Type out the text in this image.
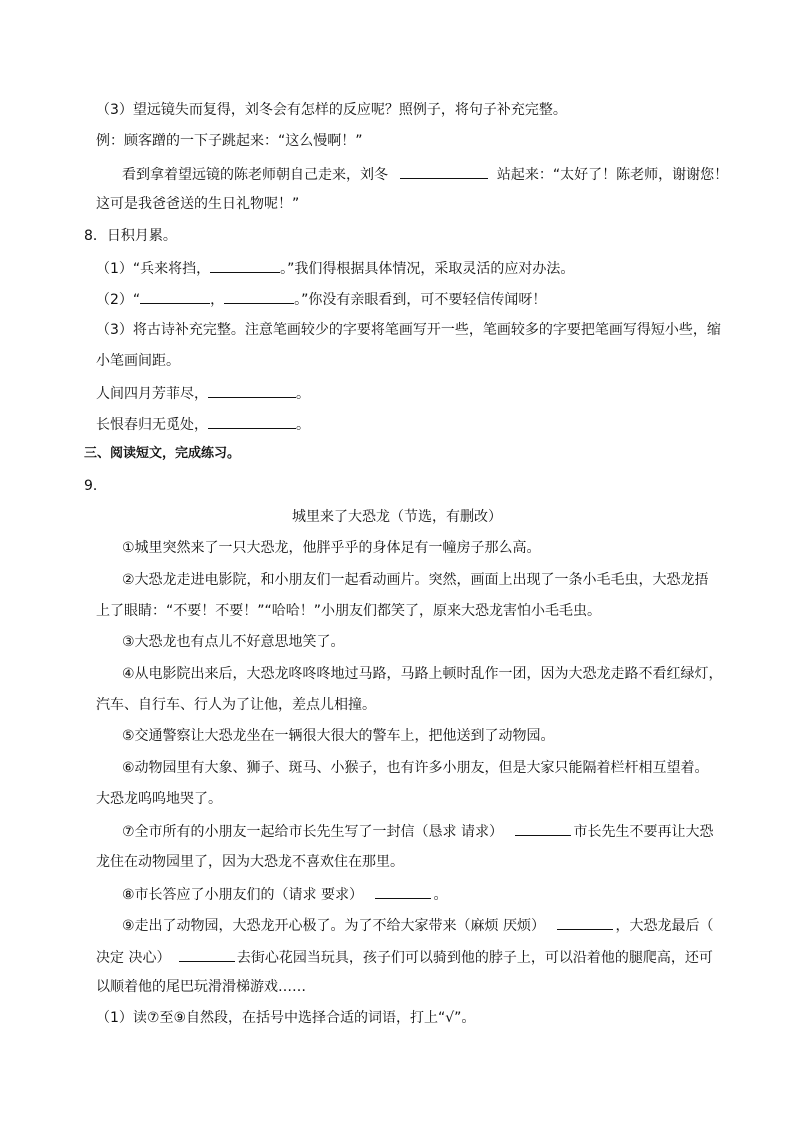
（3）望远镜失而复得，刘冬会有怎样的反应呢？照例子，将句子补充完整。
例：顾客蹭的一下子跳起来：“这么慢啊！”
看到拿着望远镜的陈老师朝自己走来，刘冬	站起来：“太好了！陈老师，谢谢您！
这可是我爸爸送的生日礼物呢！”
8．日积月累。
（1）“兵来将挡，	。”我们得根据具体情况，采取灵活的应对办法。
（2）“	，	。”你没有亲眼看到，可不要轻信传闻呀！
（3）将古诗补充完整。注意笔画较少的字要将笔画写开一些，笔画较多的字要把笔画写得短小些，缩
小笔画间距。
人间四月芳菲尽，	。
长恨春归无觅处，	。
三、阅读短文，完成练习。
9．
城里来了大恐龙（节选，有删改）
①城里突然来了一只大恐龙，他胖乎乎的身体足有一幢房子那么高。
②大恐龙走进电影院，和小朋友们一起看动画片。突然，画面上出现了一条小毛毛虫，大恐龙捂
上了眼睛：“不要！不要！”“哈哈！”小朋友们都笑了，原来大恐龙害怕小毛毛虫。
③大恐龙也有点儿不好意思地笑了。
④从电影院出来后，大恐龙咚咚咚地过马路，马路上顿时乱作一团，因为大恐龙走路不看红绿灯，
汽车、自行车、行人为了让他，差点儿相撞。
⑤交通警察让大恐龙坐在一辆很大很大的警车上，把他送到了动物园。
⑥动物园里有大象、狮子、斑马、小猴子，也有许多小朋友，但是大家只能隔着栏杆相互望着。
大恐龙呜呜地哭了。
⑦全市所有的小朋友一起给市长先生写了一封信（恳求 请求）	市长先生不要再让大恐
龙住在动物园里了，因为大恐龙不喜欢住在那里。
⑧市长答应了小朋友们的（请求 要求）	。
⑨走出了动物园，大恐龙开心极了。为了不给大家带来（麻烦 厌烦）	，大恐龙最后（
决定 决心）	去街心花园当玩具，孩子们可以骑到他的脖子上，可以沿着他的腿爬高，还可
以顺着他的尾巴玩滑滑梯游戏……
（1）读⑦至⑨自然段，在括号中选择合适的词语，打上“√”。
